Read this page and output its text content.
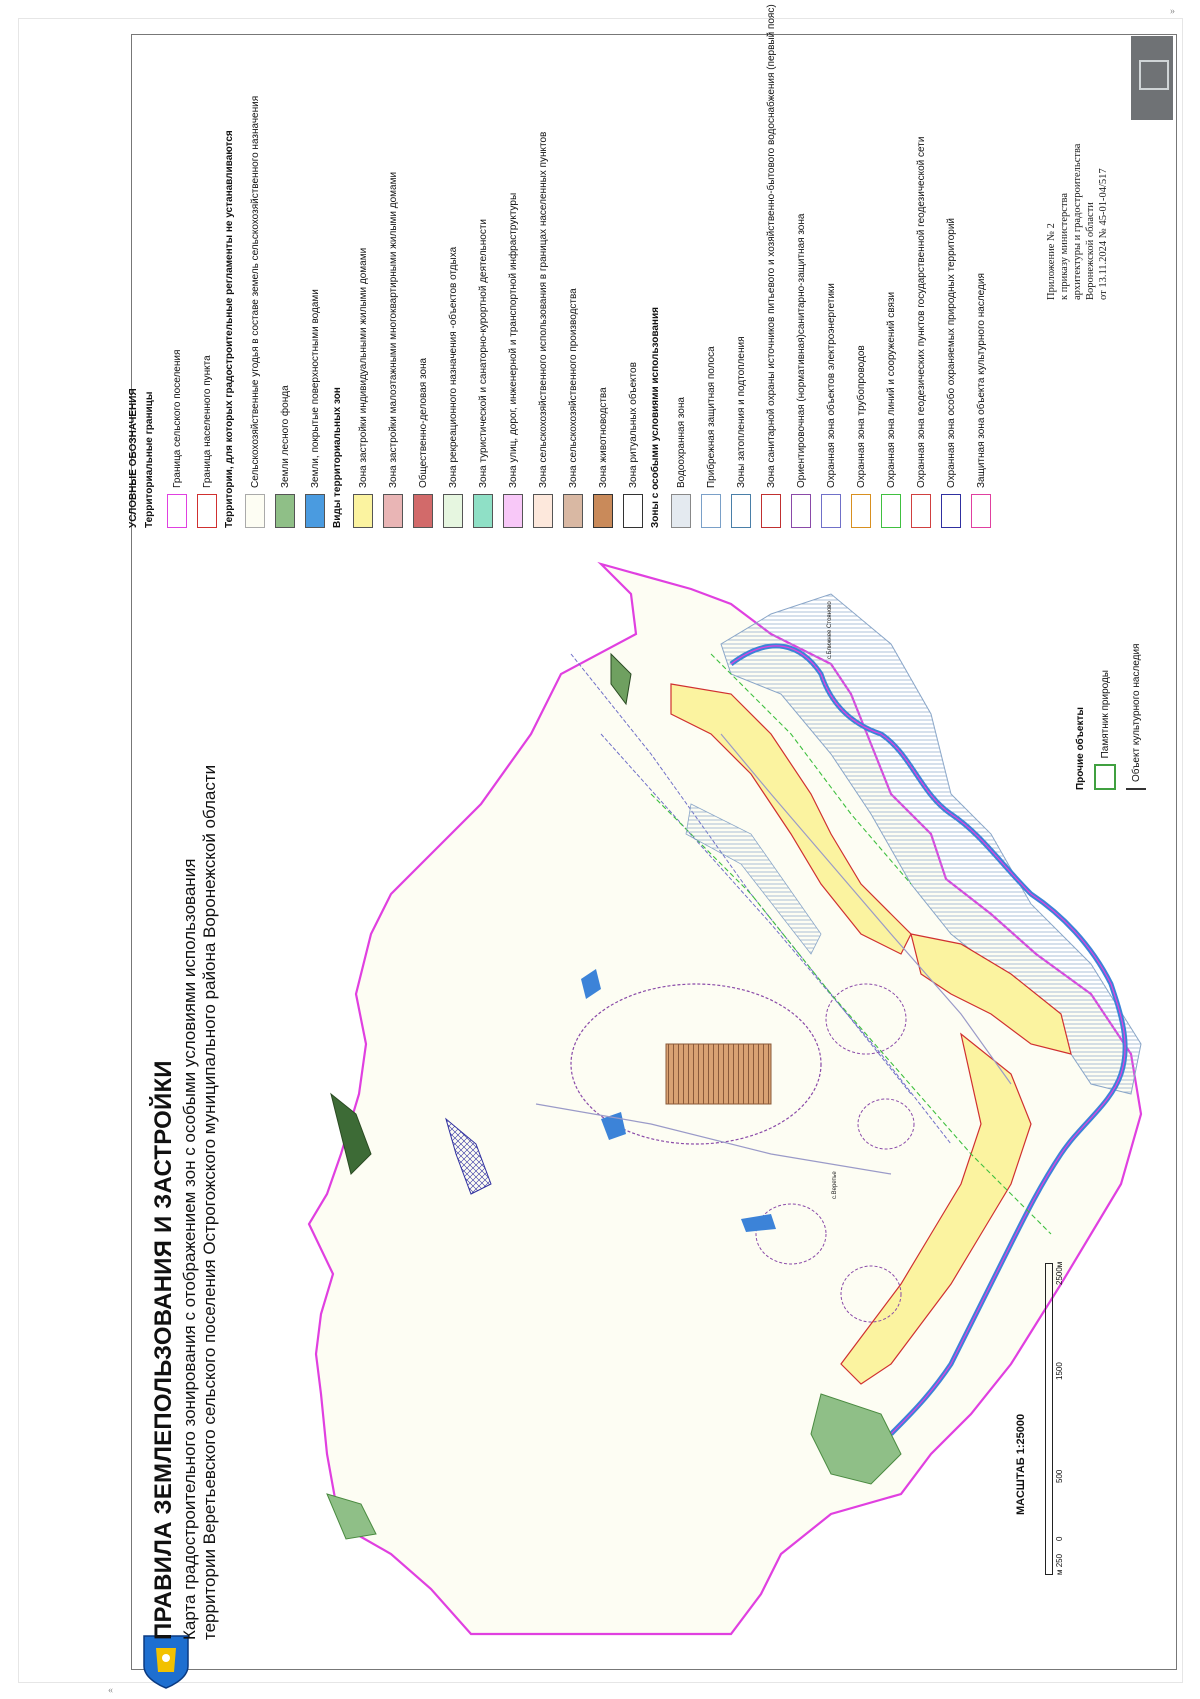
»
«
Приложение № 2 к приказу министерства архитектуры и градостроительства Воронежской области от 13.11.2024 № 45-01-04/517
с.Ближнее Стояново
с.Веретье
ПРАВИЛА ЗЕМЛЕПОЛЬЗОВАНИЯ И ЗАСТРОЙКИ Карта градостроительного зонирования с отображением зон с особыми условиями использования территории Веретьевского сельского поселения Острогожского муниципального района Воронежской области
УСЛОВНЫЕ ОБОЗНАЧЕНИЯ Территориальные границы Граница сельского поселения Граница населенного пункта Территории, для которых градостроительные регламенты не устанавливаются Сельскохозяйственные угодья в составе земель сельскохозяйственного назначения Земли лесного фонда Земли, покрытые поверхностными водами Виды территориальных зон Зона застройки индивидуальными жилыми домами Зона застройки малоэтажными многоквартирными жилыми домами Общественно-деловая зона Зона рекреационного назначения -объектов отдыха Зона туристической и санаторно-курортной деятельности Зона улиц, дорог, инженерной и транспортной инфраструктуры Зона сельскохозяйственного использования в границах населенных пунктов Зона сельскохозяйственного производства Зона животноводства Зона ритуальных объектов Зоны с особыми условиями использования Водоохранная зона Прибрежная защитная полоса Зоны затопления и подтопления Зона санитарной охраны источников питьевого и хозяйственно-бытового водоснабжения (первый пояс) Ориентировочная (нормативная)санитарно-защитная зона Охранная зона объектов электроэнергетики Охранная зона трубопроводов Охранная зона линий и сооружений связи Охранная зона геодезических пунктов государственной геодезической сети Охранная зона особо охраняемых природных территорий Защитная зона объекта культурного наследия
Прочие объекты Памятник природы Объект культурного наследия
МАСШТАБ 1:25000
м 250
0
500
1500
2500м
